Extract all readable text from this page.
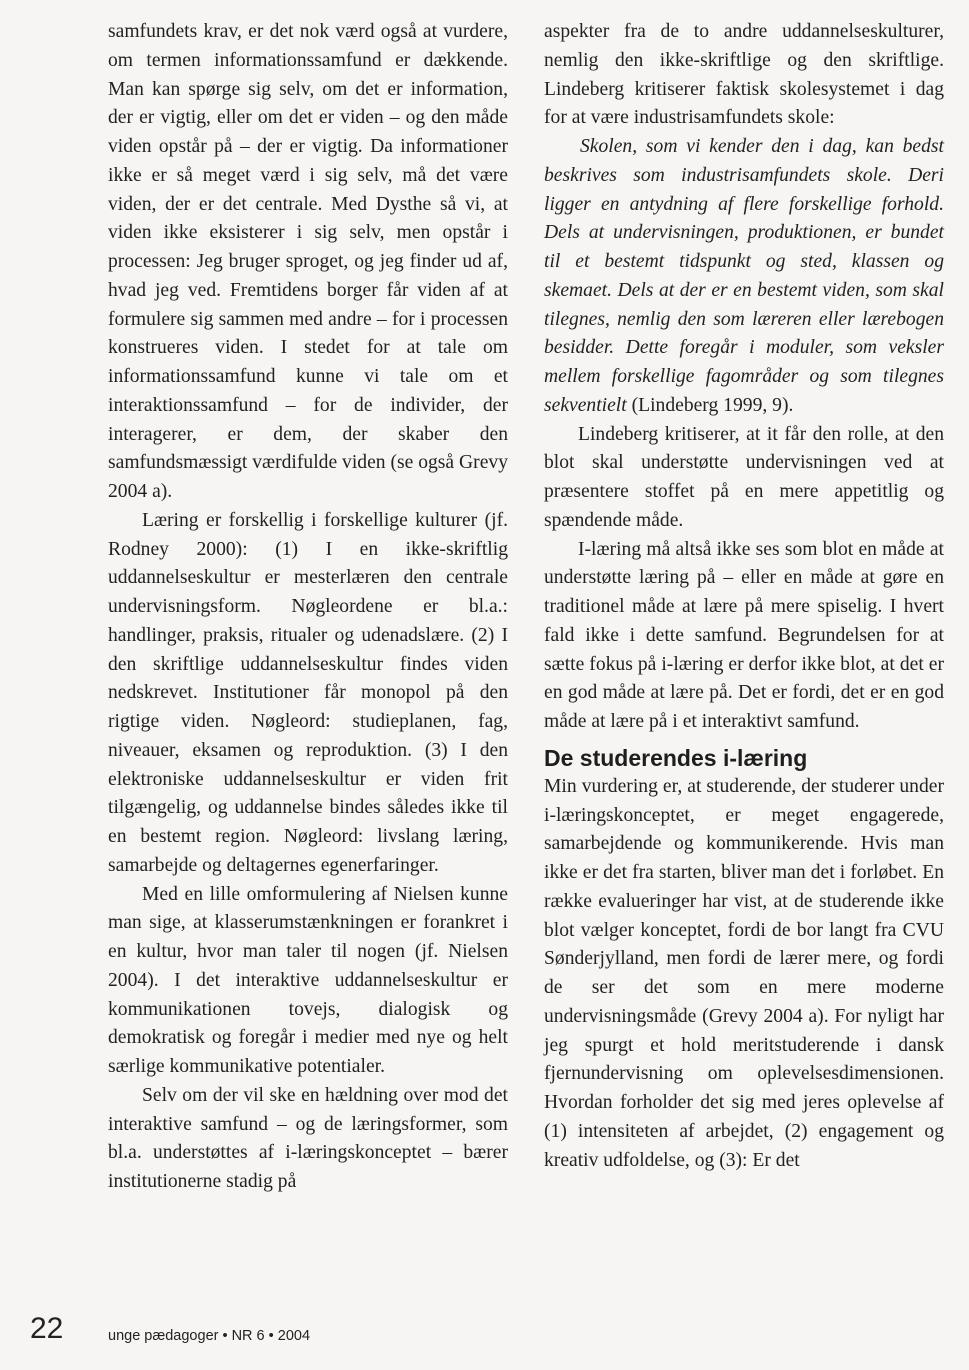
samfundets krav, er det nok værd også at vurdere, om termen informationssamfund er dækkende. Man kan spørge sig selv, om det er information, der er vigtig, eller om det er viden – og den måde viden opstår på – der er vigtig. Da informationer ikke er så meget værd i sig selv, må det være viden, der er det centrale. Med Dysthe så vi, at viden ikke eksisterer i sig selv, men opstår i processen: Jeg bruger sproget, og jeg finder ud af, hvad jeg ved. Fremtidens borger får viden af at formulere sig sammen med andre – for i processen konstrueres viden. I stedet for at tale om informationssamfund kunne vi tale om et interaktionssamfund – for de individer, der interagerer, er dem, der skaber den samfundsmæssigt værdifulde viden (se også Grevy 2004 a).

Læring er forskellig i forskellige kulturer (jf. Rodney 2000): (1) I en ikke-skriftlig uddannelseskultur er mesterlæren den centrale undervisningsform. Nøgleordene er bl.a.: handlinger, praksis, ritualer og udenadslære. (2) I den skriftlige uddannelseskultur findes viden nedskrevet. Institutioner får monopol på den rigtige viden. Nøgleord: studieplanen, fag, niveauer, eksamen og reproduktion. (3) I den elektroniske uddannelseskultur er viden frit tilgængelig, og uddannelse bindes således ikke til en bestemt region. Nøgleord: livslang læring, samarbejde og deltagernes egenerfaringer.

Med en lille omformulering af Nielsen kunne man sige, at klasserumstænkningen er forankret i en kultur, hvor man taler til nogen (jf. Nielsen 2004). I det interaktive uddannelseskultur er kommunikationen tovejs, dialogisk og demokratisk og foregår i medier med nye og helt særlige kommunikative potentialer.

Selv om der vil ske en hældning over mod det interaktive samfund – og de læringsformer, som bl.a. understøttes af i-læringskonceptet – bærer institutionerne stadig på

aspekter fra de to andre uddannelseskulturer, nemlig den ikke-skriftlige og den skriftlige. Lindeberg kritiserer faktisk skolesystemet i dag for at være industrisamfundets skole:

Skolen, som vi kender den i dag, kan bedst beskrives som industrisamfundets skole. Deri ligger en antydning af flere forskellige forhold. Dels at undervisningen, produktionen, er bundet til et bestemt tidspunkt og sted, klassen og skemaet. Dels at der er en bestemt viden, som skal tilegnes, nemlig den som læreren eller lærebogen besidder. Dette foregår i moduler, som veksler mellem forskellige fagområder og som tilegnes sekventielt (Lindeberg 1999, 9).

Lindeberg kritiserer, at it får den rolle, at den blot skal understøtte undervisningen ved at præsentere stoffet på en mere appetitlig og spændende måde.

I-læring må altså ikke ses som blot en måde at understøtte læring på – eller en måde at gøre en traditionel måde at lære på mere spiselig. I hvert fald ikke i dette samfund. Begrundelsen for at sætte fokus på i-læring er derfor ikke blot, at det er en god måde at lære på. Det er fordi, det er en god måde at lære på i et interaktivt samfund.

De studerendes i-læring

Min vurdering er, at studerende, der studerer under i-læringskonceptet, er meget engagerede, samarbejdende og kommunikerende. Hvis man ikke er det fra starten, bliver man det i forløbet. En række evalueringer har vist, at de studerende ikke blot vælger konceptet, fordi de bor langt fra CVU Sønderjylland, men fordi de lærer mere, og fordi de ser det som en mere moderne undervisningsmåde (Grevy 2004 a). For nyligt har jeg spurgt et hold meritstuderende i dansk fjernundervisning om oplevelsesdimensionen. Hvordan forholder det sig med jeres oplevelse af (1) intensiteten af arbejdet, (2) engagement og kreativ udfoldelse, og (3): Er det

22	unge pædagoger • NR 6 • 2004
